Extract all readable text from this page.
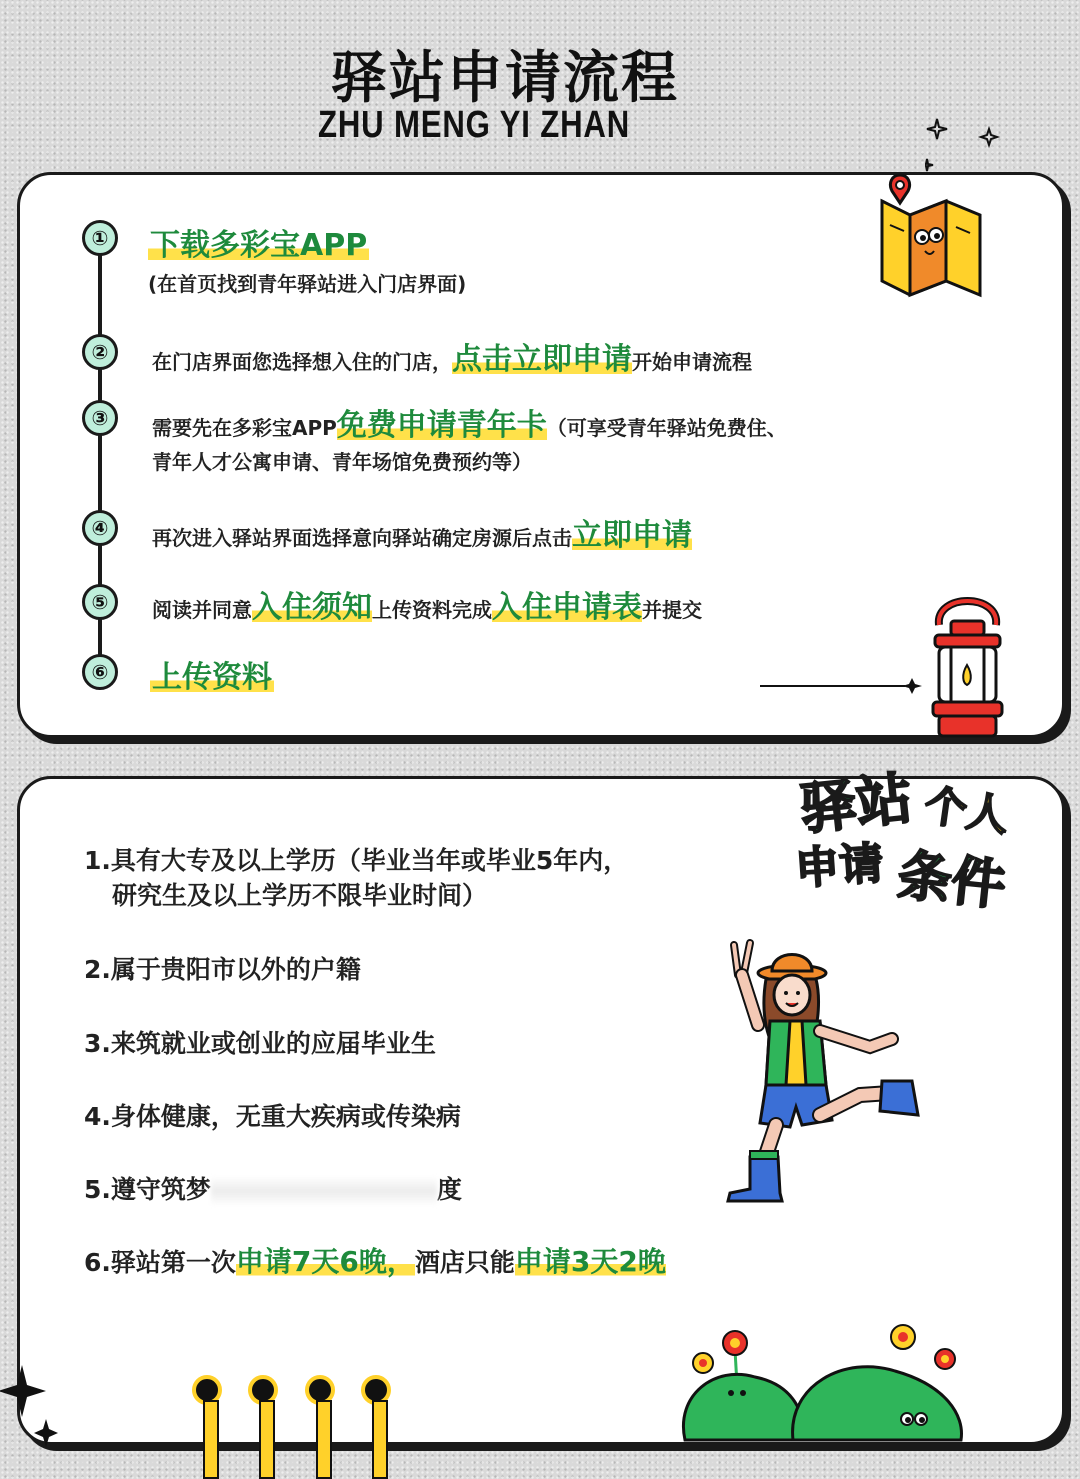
驿站申请流程
ZHU MENG YI ZHAN
①	下载多彩宝APP
(在首页找到青年驿站进入门店界面)
②	在门店界面您选择想入住的门店，点击立即申请开始申请流程
③	需要先在多彩宝APP免费申请青年卡（可享受青年驿站免费住、
青年人才公寓申请、青年场馆免费预约等）
④	再次进入驿站界面选择意向驿站确定房源后点击立即申请
⑤	阅读并同意入住须知上传资料完成入住申请表并提交
⑥	上传资料
驿站 个人
申请 条件
1.具有大专及以上学历（毕业当年或毕业5年内，
研究生及以上学历不限毕业时间）
2.属于贵阳市以外的户籍
3.来筑就业或创业的应届毕业生
4.身体健康，无重大疾病或传染病
5.遵守筑梦	度
6.驿站第一次申请7天6晚，酒店只能申请3天2晚
